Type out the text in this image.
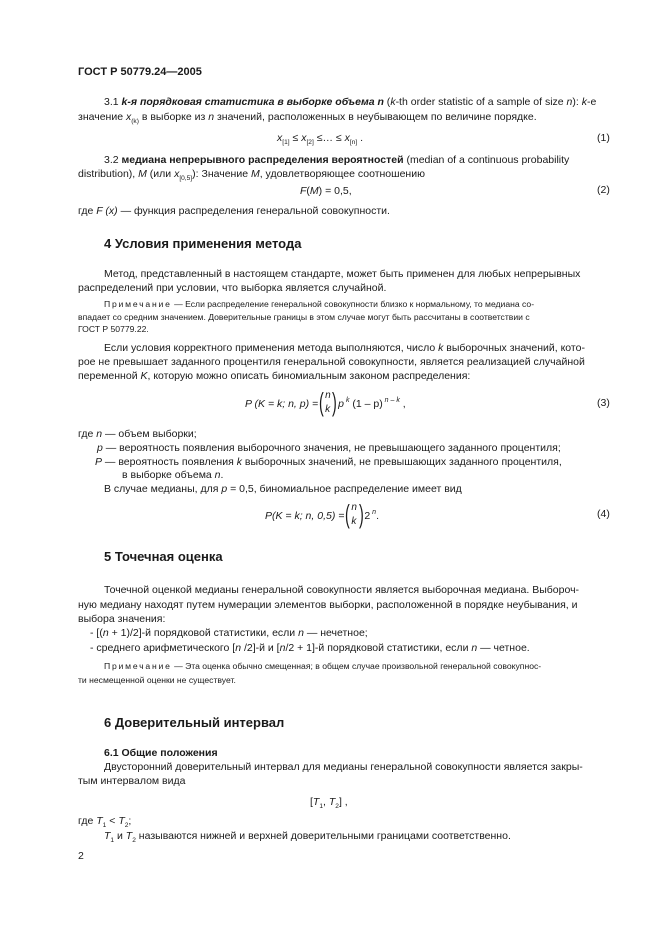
ГОСТ Р 50779.24—2005
3.1 k-я порядковая статистика в выборке объема n (k-th order statistic of a sample of size n): k-е
значение $x_{(k)}$ в выборке из n значений, расположенных в неубывающем по величине порядке.
$x_{[1]} \le x_{[2]}$ ≤… ≤ $x_{[n]}$ .	(1)
3.2 медиана непрерывного распределения вероятностей (median of a continuous probability
distribution), M (или $x_{[0,5]}$): Значение M, удовлетворяющее соотношению
F(M) = 0,5,	(2)
где F (x) — функция распределения генеральной совокупности.
4 Условия применения метода
Метод, представленный в настоящем стандарте, может быть применен для любых непрерывных
распределений при условии, что выборка является случайной.
Примечание — Если распределение генеральной совокупности близко к нормальному, то медиана со-
впадает со средним значением. Доверительные границы в этом случае могут быть рассчитаны в соответствии с
ГОСТ Р 50779.22.
Если условия корректного применения метода выполняются, число k выборочных значений, кото-
рое не превышает заданного процентиля генеральной совокупности, является реализацией случайной
переменной K, которую можно описать биномиальным законом распределения:
P (K = k; n, p) = ( n
k ) p $^k$ (1 – p) $^{n - k}$ ,	(3)
где n — объем выборки;
p — вероятность появления выборочного значения, не превышающего заданного процентиля;
P — вероятность появления k выборочных значений, не превышающих заданного процентиля,
в выборке объема n.
В случае медианы, для p = 0,5, биномиальное распределение имеет вид
P(K = k; n, 0,5) = ( n
k ) 2 $^n$.	(4)
5 Точечная оценка
Точечной оценкой медианы генеральной совокупности является выборочная медиана. Выбороч-
ную медиану находят путем нумерации элементов выборки, расположенной в порядке неубывания, и
выбора значения:
- [(n + 1)/2]-й порядковой статистики, если n — нечетное;
- среднего арифметического [n /2]-й и [n/2 + 1]-й порядковой статистики, если n — четное.
Примечание — Эта оценка обычно смещенная; в общем случае произвольной генеральной совокупнос-
ти несмещенной оценки не существует.
6 Доверительный интервал
6.1 Общие положения
Двусторонний доверительный интервал для медианы генеральной совокупности является закры-
тым интервалом вида
[$T_1$, $T_2$] ,
где $T_1 < T_2$;
$T_1$ и $T_2$ называются нижней и верхней доверительными границами соответственно.
2
